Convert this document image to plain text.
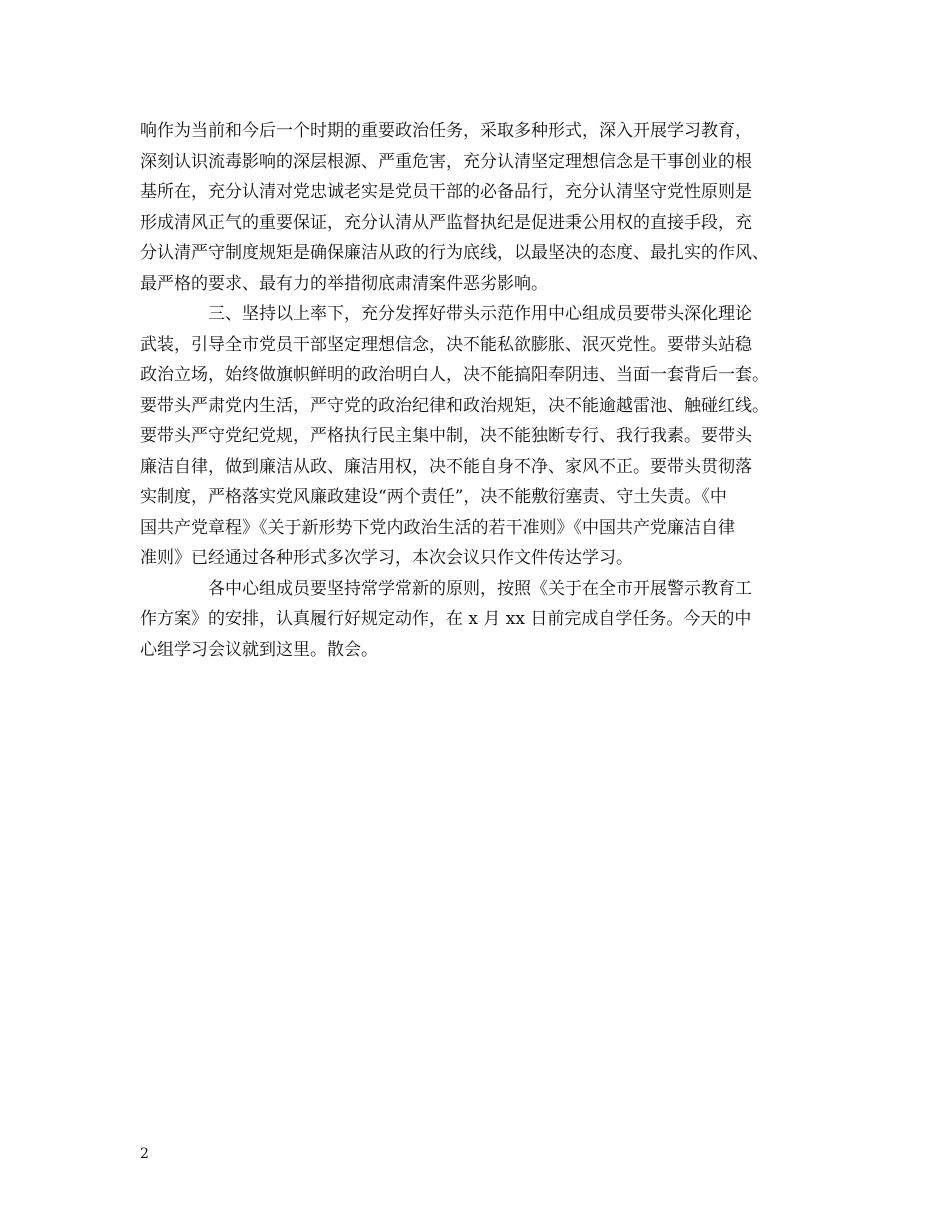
响作为当前和今后一个时期的重要政治任务，采取多种形式，深入开展学习教育，
深刻认识流毒影响的深层根源、严重危害，充分认清坚定理想信念是干事创业的根
基所在，充分认清对党忠诚老实是党员干部的必备品行，充分认清坚守党性原则是
形成清风正气的重要保证，充分认清从严监督执纪是促进秉公用权的直接手段，充
分认清严守制度规矩是确保廉洁从政的行为底线，以最坚决的态度、最扎实的作风、
最严格的要求、最有力的举措彻底肃清案件恶劣影响。

三、坚持以上率下，充分发挥好带头示范作用中心组成员要带头深化理论
武装，引导全市党员干部坚定理想信念，决不能私欲膨胀、泯灭党性。要带头站稳
政治立场，始终做旗帜鲜明的政治明白人，决不能搞阳奉阴违、当面一套背后一套。
要带头严肃党内生活，严守党的政治纪律和政治规矩，决不能逾越雷池、触碰红线。
要带头严守党纪党规，严格执行民主集中制，决不能独断专行、我行我素。要带头
廉洁自律，做到廉洁从政、廉洁用权，决不能自身不净、家风不正。要带头贯彻落
实制度，严格落实党风廉政建设“两个责任”，决不能敷衍塞责、守土失责。《中
国共产党章程》《关于新形势下党内政治生活的若干准则》《中国共产党廉洁自律
准则》已经通过各种形式多次学习，本次会议只作文件传达学习。

各中心组成员要坚持常学常新的原则，按照《关于在全市开展警示教育工
作方案》的安排，认真履行好规定动作，在 x 月 xx 日前完成自学任务。今天的中
心组学习会议就到这里。散会。

2
